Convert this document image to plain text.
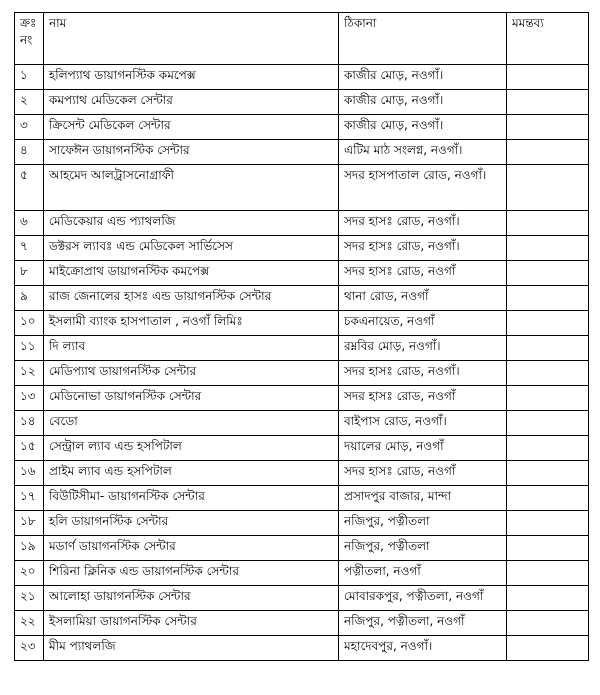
ক্রঃ নং	নাম	ঠিকানা	মমন্তব্য
১	হলিপ্যাথ ডায়াগনস্টিক কমপেক্স	কাজীর মোড়, নওগাঁ।	
২	কমপ্যাথ মেডিকেল সেন্টার	কাজীর মোড়, নওগাঁ।	
৩	ক্রিসেন্ট মেডিকেল সেন্টার	কাজীর মোড়, নওগাঁ।	
৪	সাফেঈন ডায়াগনস্টিক সেন্টার	এটিম মাঠ সংলগ্ন, নওগাঁ।	
৫	আহমেদ আলট্রাসনোগ্রাফী	সদর হাসপাতাল রোড, নওগাঁ।	
৬	মেডিকেয়ার এন্ড প্যাথলজি	সদর হাসঃ রোড, নওগাঁ।	
৭	ডক্টরস ল্যাবঃ এন্ড মেডিকেল সার্ভিসেস	সদর হাসঃ রোড, নওগাঁ।	
৮	মাইক্রোপ্রাথ ডায়াগনস্টিক কমপেক্স	সদর হাসঃ রোড, নওগাঁ	
৯	রাজ জেনালের হাসঃ এন্ড ডায়াগনস্টিক সেন্টার	থানা রোড, নওগাঁ	
১০	ইসলামী ব্যাংক হাসপাতাল , নওগাঁ লিমিঃ	চকএনায়েত, নওগাঁ	
১১	দি ল্যাব	রম্নবির মোড়, নওগাঁ।	
১২	মেডিপ্যাথ ডায়াগনস্টিক সেন্টার	সদর হাসঃ রোড, নওগাঁ।	
১৩	মেডিনোভা ডায়াগনস্টিক সেন্টার	সদর হাসঃ রোড, নওগাঁ	
১৪	বেডো	বাইপাস রোড, নওগাঁ।	
১৫	সেন্ট্রাল ল্যাব এন্ড হসপিটাল	দয়ালের মোড়, নওগাঁ	
১৬	প্রাইম ল্যাব এন্ড হসপিটাল	সদর হাসঃ রোড, নওগাঁ	
১৭	বিউটিসীমা- ডায়াগনস্টিক সেন্টার	প্রসাদপুর বাজার, মান্দা	
১৮	হলি ডায়াগনস্টিক সেন্টার	নজিপুর, পত্নীতলা	
১৯	মডার্ণ ডায়াগনস্টিক সেন্টার	নজিপুর, পত্নীতলা	
২০	শিরিনা ক্লিনিক এন্ড ডায়াগনস্টিক সেন্টার	পত্নীতলা, নওগাঁ	
২১	আলোহা ডায়াগনস্টিক সেন্টার	মোবারকপুর, পত্নীতলা, নওগাঁ	
২২	ইসলামিয়া ডায়াগনস্টিক সেন্টার	নজিপুর, পত্নীতলা, নওগাঁ	
২৩	মীম প্যাথলজি	মহাদেবপুর, নওগাঁ।	
